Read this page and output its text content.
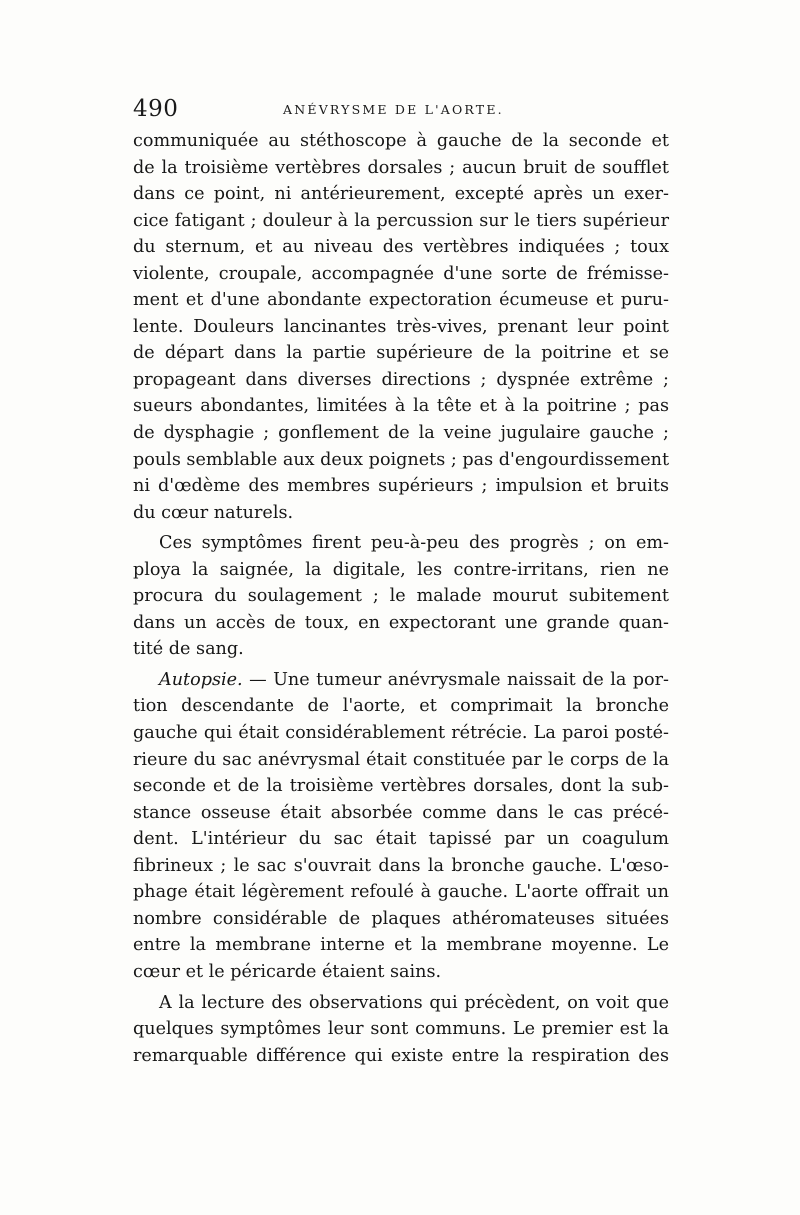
490	ANÉVRYSME DE L'AORTE.
communiquée au stéthoscope à gauche de la seconde et
de la troisième vertèbres dorsales ; aucun bruit de soufflet
dans ce point, ni antérieurement, excepté après un exer-
cice fatigant ; douleur à la percussion sur le tiers supérieur
du sternum, et au niveau des vertèbres indiquées ; toux
violente, croupale, accompagnée d'une sorte de frémisse-
ment et d'une abondante expectoration écumeuse et puru-
lente. Douleurs lancinantes très-vives, prenant leur point
de départ dans la partie supérieure de la poitrine et se
propageant dans diverses directions ; dyspnée extrême ;
sueurs abondantes, limitées à la tête et à la poitrine ; pas
de dysphagie ; gonflement de la veine jugulaire gauche ;
pouls semblable aux deux poignets ; pas d'engourdissement
ni d'œdème des membres supérieurs ; impulsion et bruits
du cœur naturels.
Ces symptômes firent peu-à-peu des progrès ; on em-
ploya la saignée, la digitale, les contre-irritans, rien ne
procura du soulagement ; le malade mourut subitement
dans un accès de toux, en expectorant une grande quan-
tité de sang.
Autopsie. — Une tumeur anévrysmale naissait de la por-
tion descendante de l'aorte, et comprimait la bronche
gauche qui était considérablement rétrécie. La paroi posté-
rieure du sac anévrysmal était constituée par le corps de la
seconde et de la troisième vertèbres dorsales, dont la sub-
stance osseuse était absorbée comme dans le cas précé-
dent. L'intérieur du sac était tapissé par un coagulum
fibrineux ; le sac s'ouvrait dans la bronche gauche. L'œso-
phage était légèrement refoulé à gauche. L'aorte offrait un
nombre considérable de plaques athéromateuses situées
entre la membrane interne et la membrane moyenne. Le
cœur et le péricarde étaient sains.
A la lecture des observations qui précèdent, on voit que
quelques symptômes leur sont communs. Le premier est la
remarquable différence qui existe entre la respiration des
